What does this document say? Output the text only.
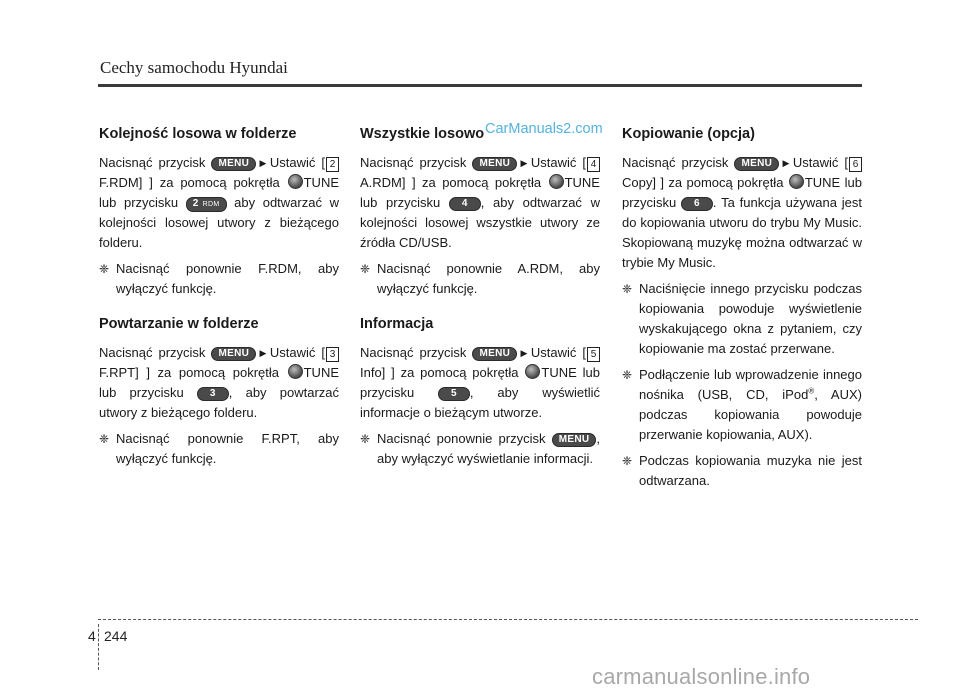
Cechy samochodu Hyundai
Kolejność losowa w folderze

Nacisnąć przycisk MENU ▶Ustawić [ 2 F.RDM] ] za pomocą pokrętła TUNE lub przycisku 2 RDM aby odtwarzać w kolejności losowej utwory z bieżącego folderu.

❈ Nacisnąć ponownie F.RDM, aby wyłączyć funkcję.
Powtarzanie w folderze

Nacisnąć przycisk MENU ▶Ustawić [ 3 F.RPT] ] za pomocą pokrętła TUNE lub przycisku	3 , aby powtarzać utwory z bieżącego folderu.

❈ Nacisnąć ponownie F.RPT, aby wyłączyć funkcję.
Wszystkie losowo

Nacisnąć przycisk MENU ▶Ustawić [ 4 A.RDM] ] za pomocą pokrętła TUNE lub przycisku 4 , aby odtwarzać w kolejności losowej wszystkie utwory ze źródła CD/USB.

❈ Nacisnąć ponownie A.RDM, aby wyłączyć funkcję.
Informacja

Nacisnąć przycisk MENU ▶Ustawić [ 5 Info] ] za pomocą pokrętła TUNE lub przycisku	5 , aby wyświetlić informacje o bieżącym utworze.

❈ Nacisnąć ponownie przycisk MENU , aby wyłączyć wyświetlanie informacji.
CarManuals2.com Kopiowanie (opcja)

Nacisnąć przycisk MENU ▶Ustawić [ 6 Copy] ] za pomocą pokrętła TUNE lub przycisku 6 . Ta funkcja używana jest do kopiowania utworu do trybu My Music. Skopiowaną muzykę można odtwarzać w trybie My Music.

❈ Naciśnięcie innego przycisku podczas kopiowania powoduje wyświetlenie wyskakującego okna z pytaniem, czy kopiowanie ma zostać przerwane.
❈ Podłączenie lub wprowadzenie innego nośnika (USB, CD, iPod®, AUX) podczas kopiowania powoduje przerwanie kopiowania, AUX).
❈ Podczas kopiowania muzyka nie jest odtwarzana.
4 244
carmanualsonline.info
